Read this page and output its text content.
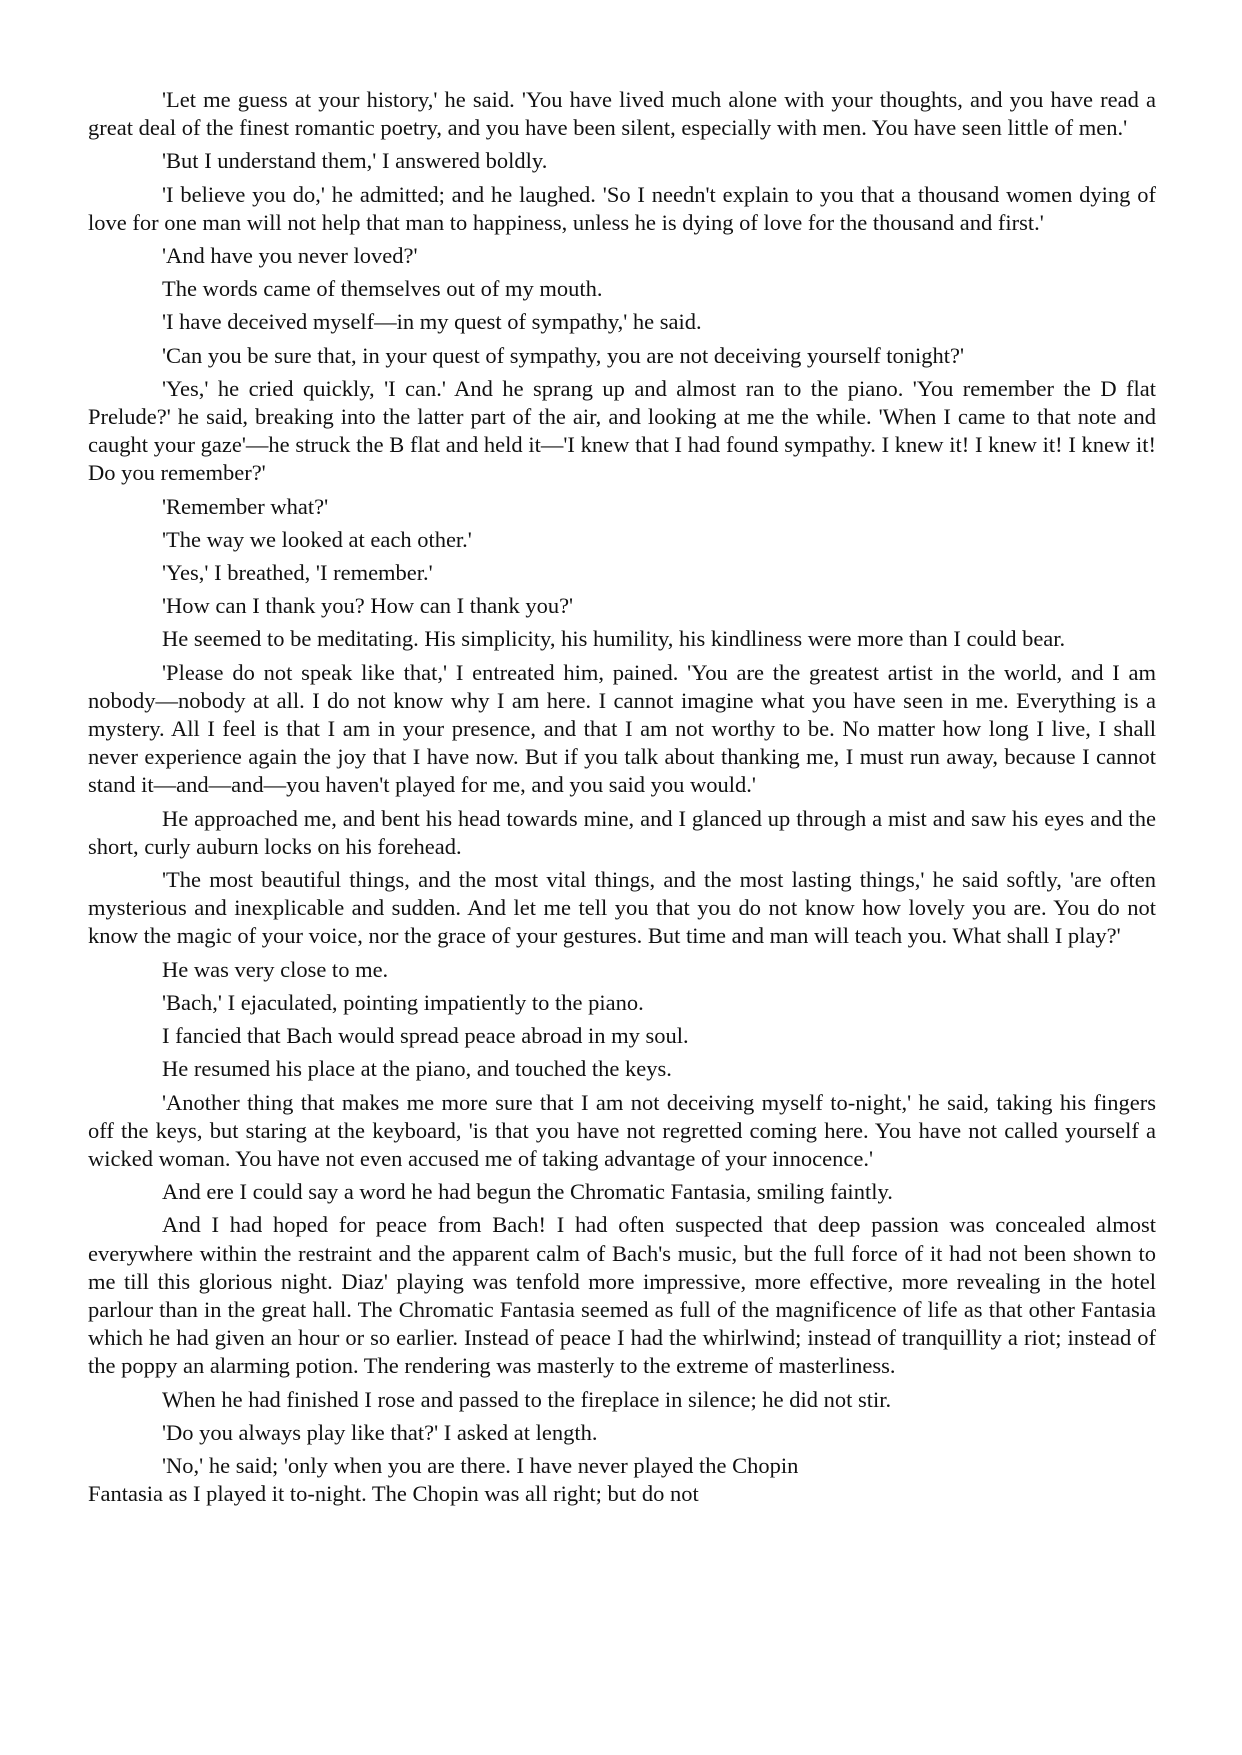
'Let me guess at your history,' he said. 'You have lived much alone with your thoughts, and you have read a great deal of the finest romantic poetry, and you have been silent, especially with men. You have seen little of men.'

'But I understand them,' I answered boldly.

'I believe you do,' he admitted; and he laughed. 'So I needn't explain to you that a thousand women dying of love for one man will not help that man to happiness, unless he is dying of love for the thousand and first.'

'And have you never loved?'

The words came of themselves out of my mouth.

'I have deceived myself—in my quest of sympathy,' he said.

'Can you be sure that, in your quest of sympathy, you are not deceiving yourself tonight?'

'Yes,' he cried quickly, 'I can.' And he sprang up and almost ran to the piano. 'You remember the D flat Prelude?' he said, breaking into the latter part of the air, and looking at me the while. 'When I came to that note and caught your gaze'—he struck the B flat and held it—'I knew that I had found sympathy. I knew it! I knew it! I knew it! Do you remember?'

'Remember what?'

'The way we looked at each other.'

'Yes,' I breathed, 'I remember.'

'How can I thank you? How can I thank you?'

He seemed to be meditating. His simplicity, his humility, his kindliness were more than I could bear.

'Please do not speak like that,' I entreated him, pained. 'You are the greatest artist in the world, and I am nobody—nobody at all. I do not know why I am here. I cannot imagine what you have seen in me. Everything is a mystery. All I feel is that I am in your presence, and that I am not worthy to be. No matter how long I live, I shall never experience again the joy that I have now. But if you talk about thanking me, I must run away, because I cannot stand it—and—and—you haven't played for me, and you said you would.'

He approached me, and bent his head towards mine, and I glanced up through a mist and saw his eyes and the short, curly auburn locks on his forehead.

'The most beautiful things, and the most vital things, and the most lasting things,' he said softly, 'are often mysterious and inexplicable and sudden. And let me tell you that you do not know how lovely you are. You do not know the magic of your voice, nor the grace of your gestures. But time and man will teach you. What shall I play?'

He was very close to me.

'Bach,' I ejaculated, pointing impatiently to the piano.

I fancied that Bach would spread peace abroad in my soul.

He resumed his place at the piano, and touched the keys.

'Another thing that makes me more sure that I am not deceiving myself to-night,' he said, taking his fingers off the keys, but staring at the keyboard, 'is that you have not regretted coming here. You have not called yourself a wicked woman. You have not even accused me of taking advantage of your innocence.'

And ere I could say a word he had begun the Chromatic Fantasia, smiling faintly.

And I had hoped for peace from Bach! I had often suspected that deep passion was concealed almost everywhere within the restraint and the apparent calm of Bach's music, but the full force of it had not been shown to me till this glorious night. Diaz' playing was tenfold more impressive, more effective, more revealing in the hotel parlour than in the great hall. The Chromatic Fantasia seemed as full of the magnificence of life as that other Fantasia which he had given an hour or so earlier. Instead of peace I had the whirlwind; instead of tranquillity a riot; instead of the poppy an alarming potion. The rendering was masterly to the extreme of masterliness.

When he had finished I rose and passed to the fireplace in silence; he did not stir.

'Do you always play like that?' I asked at length.

'No,' he said; 'only when you are there. I have never played the Chopin

Fantasia as I played it to-night. The Chopin was all right; but do not
